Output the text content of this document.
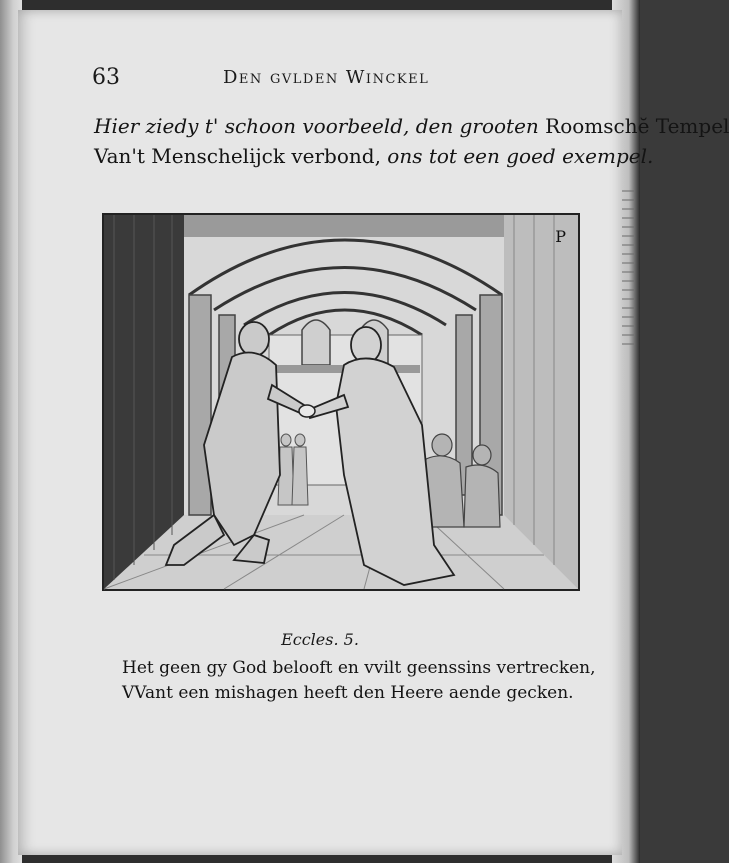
63	Den gvlden Winckel
Hier ziedy t' schoon voorbeeld, den grooten Roomschĕ Tempel
Van't Menschelijck verbond, ons tot een goed exempel.
P
Eccles. 5.
Het geen gy God belooft en vvilt geenssins vertrecken,
VVant een mishagen heeft den Heere aende gecken.
